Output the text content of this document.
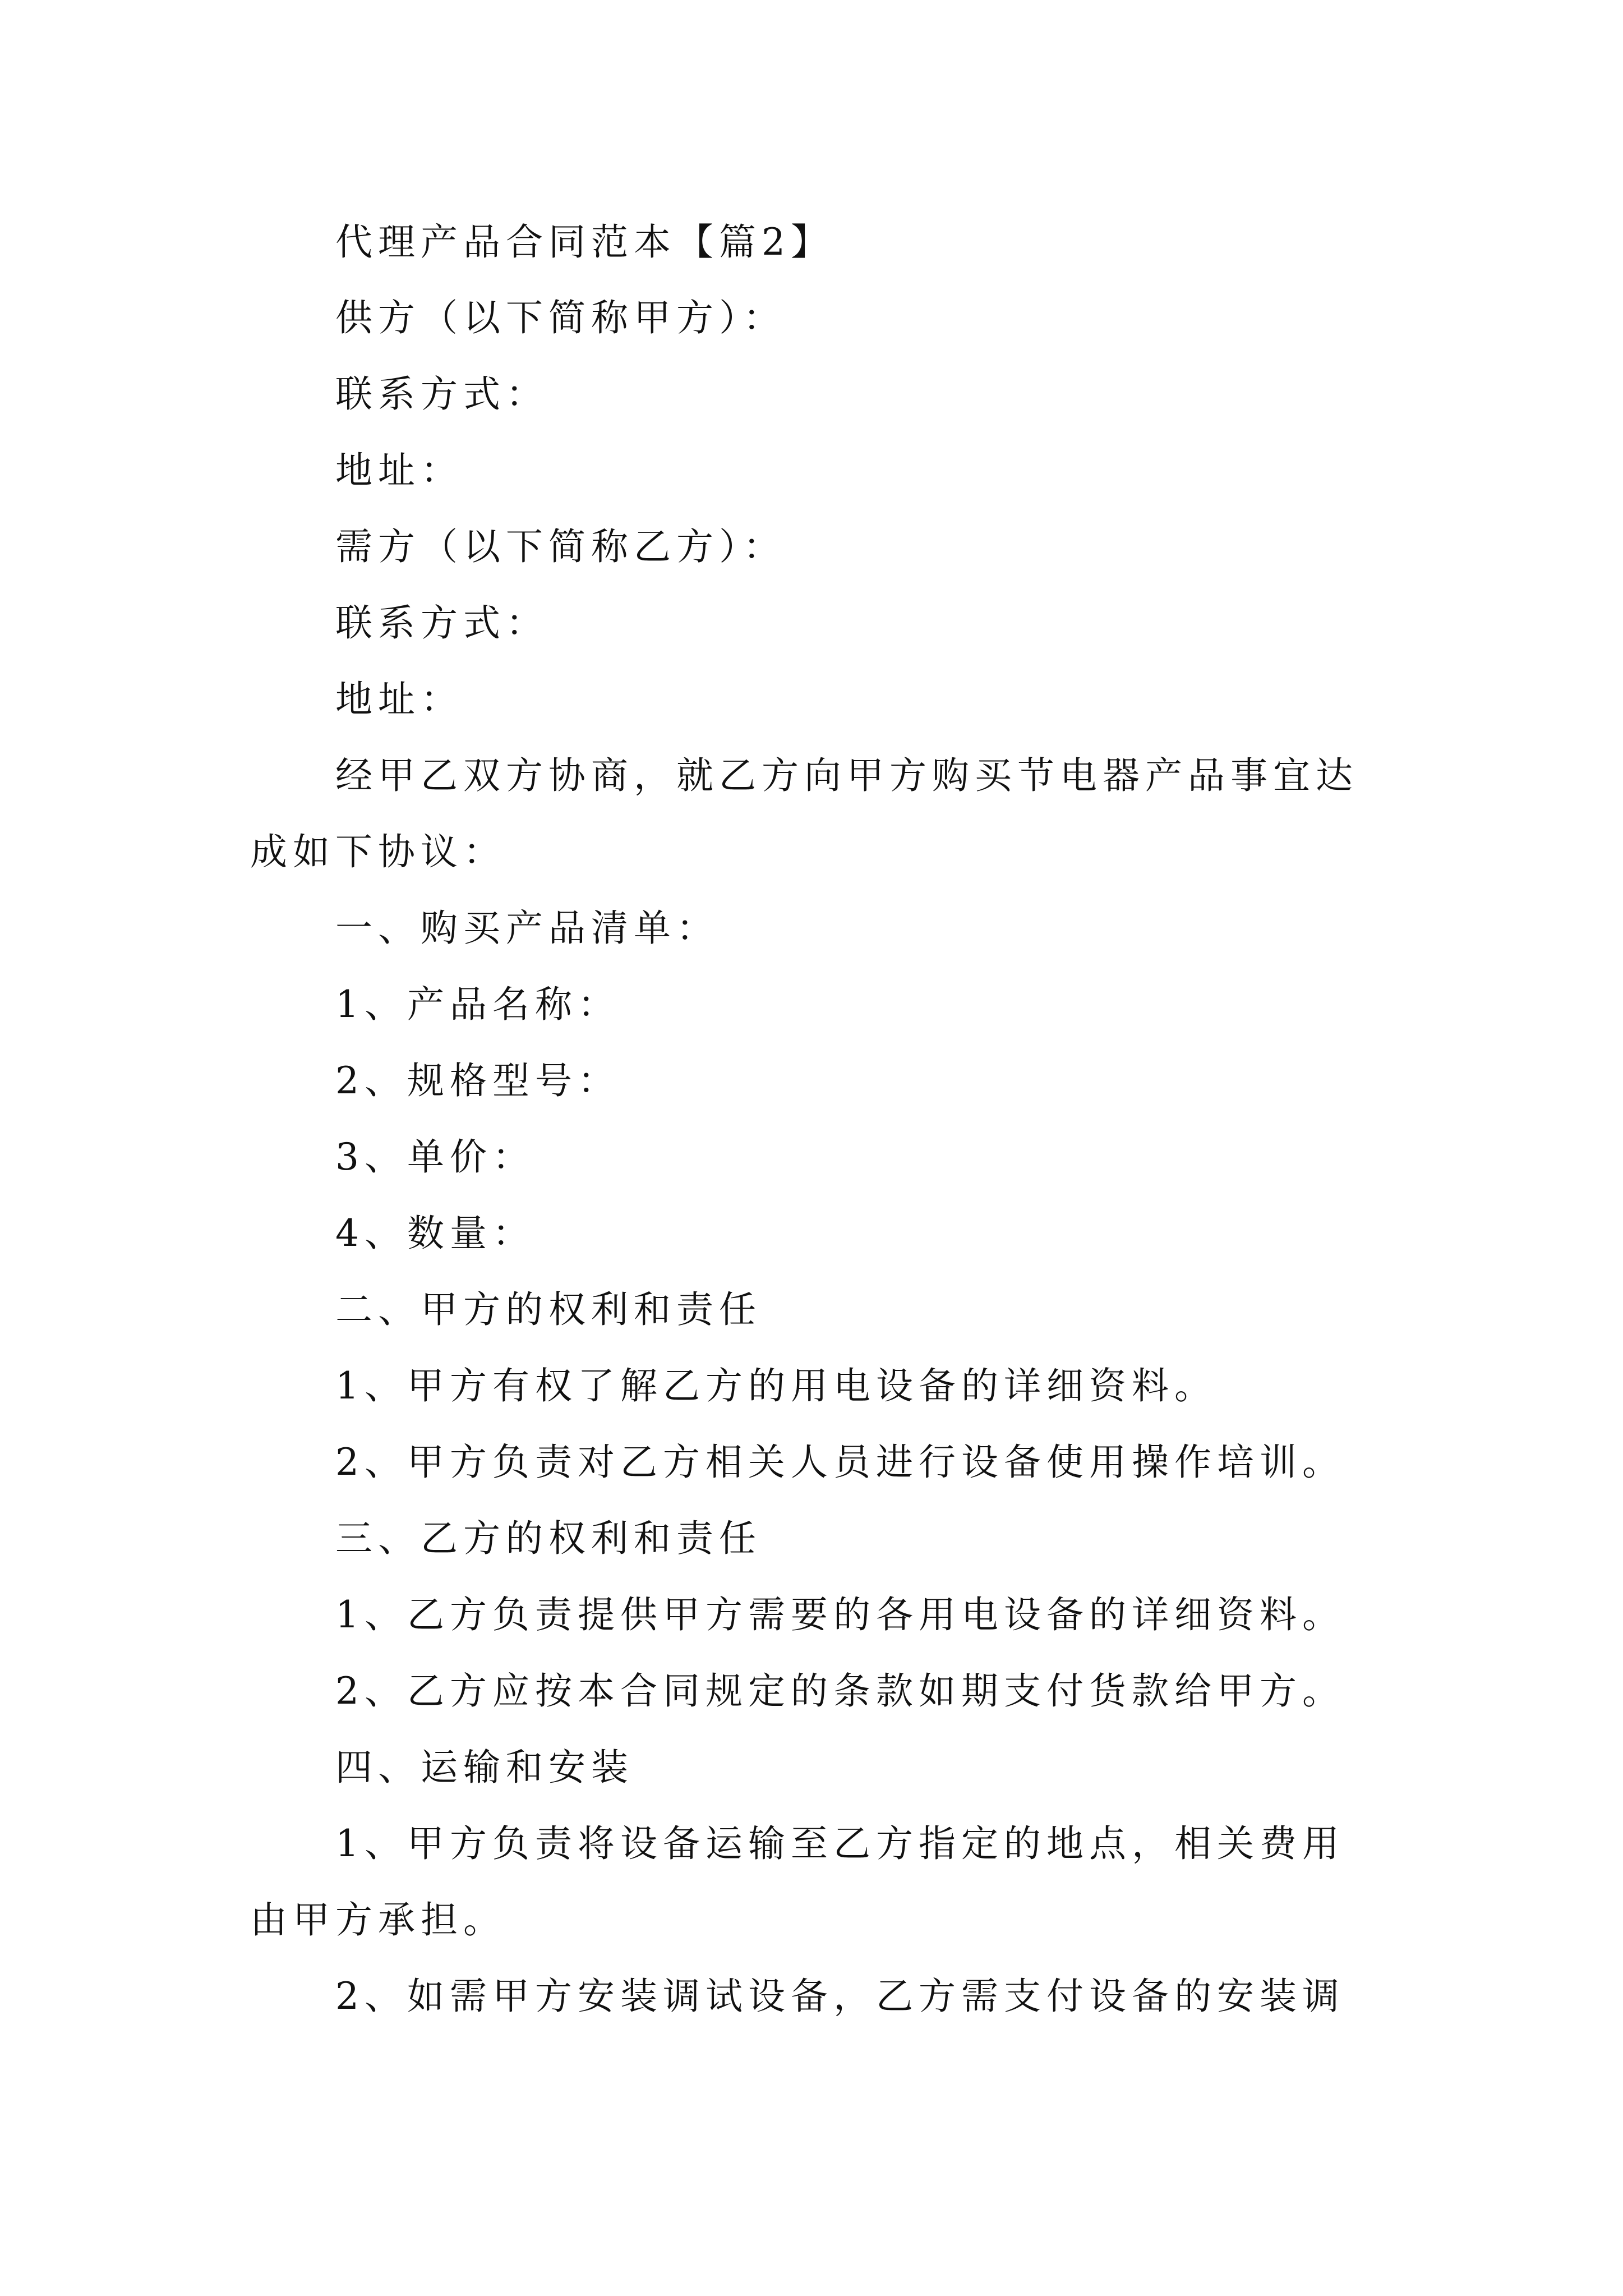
代理产品合同范本【篇2】
供方（以下简称甲方）：
联系方式：
地址：
需方（以下简称乙方）：
联系方式：
地址：
经甲乙双方协商，就乙方向甲方购买节电器产品事宜达
成如下协议：
一、购买产品清单：
1、产品名称：
2、规格型号：
3、单价：
4、数量：
二、甲方的权利和责任
1、甲方有权了解乙方的用电设备的详细资料。
2、甲方负责对乙方相关人员进行设备使用操作培训。
三、乙方的权利和责任
1、乙方负责提供甲方需要的各用电设备的详细资料。
2、乙方应按本合同规定的条款如期支付货款给甲方。
四、运输和安装
1、甲方负责将设备运输至乙方指定的地点，相关费用
由甲方承担。
2、如需甲方安装调试设备，乙方需支付设备的安装调
